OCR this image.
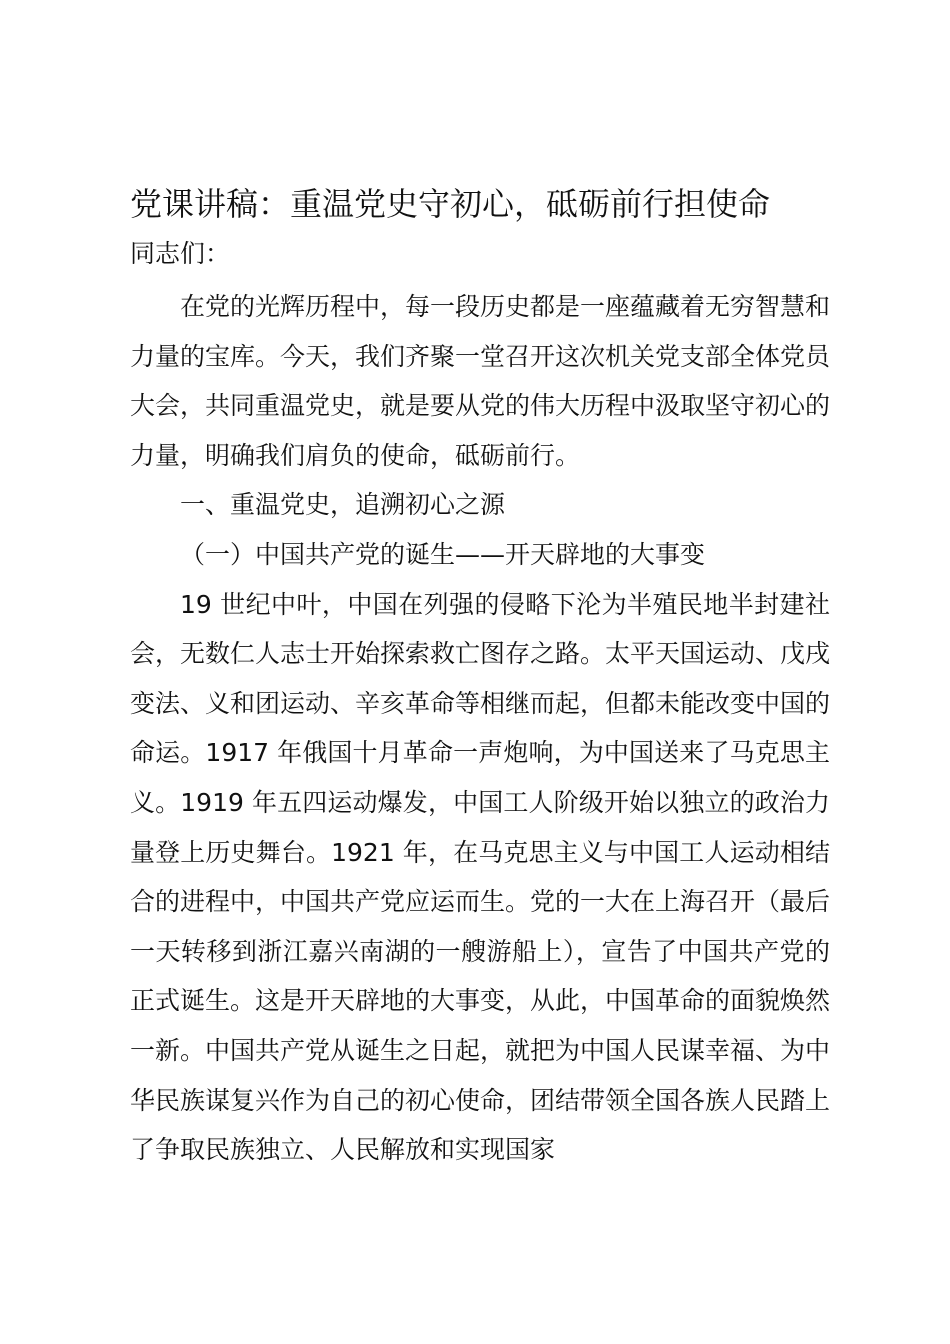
党课讲稿：重温党史守初心，砥砺前行担使命

同志们：

在党的光辉历程中，每一段历史都是一座蕴藏着无穷智慧和力量的宝库。今天，我们齐聚一堂召开这次机关党支部全体党员大会，共同重温党史，就是要从党的伟大历程中汲取坚守初心的力量，明确我们肩负的使命，砥砺前行。

一、重温党史，追溯初心之源

（一）中国共产党的诞生——开天辟地的大事变

19 世纪中叶，中国在列强的侵略下沦为半殖民地半封建社会，无数仁人志士开始探索救亡图存之路。太平天国运动、戊戌变法、义和团运动、辛亥革命等相继而起，但都未能改变中国的命运。1917 年俄国十月革命一声炮响，为中国送来了马克思主义。1919 年五四运动爆发，中国工人阶级开始以独立的政治力量登上历史舞台。1921 年，在马克思主义与中国工人运动相结合的进程中，中国共产党应运而生。党的一大在上海召开（最后一天转移到浙江嘉兴南湖的一艘游船上），宣告了中国共产党的正式诞生。这是开天辟地的大事变，从此，中国革命的面貌焕然一新。中国共产党从诞生之日起，就把为中国人民谋幸福、为中华民族谋复兴作为自己的初心使命，团结带领全国各族人民踏上了争取民族独立、人民解放和实现国家
